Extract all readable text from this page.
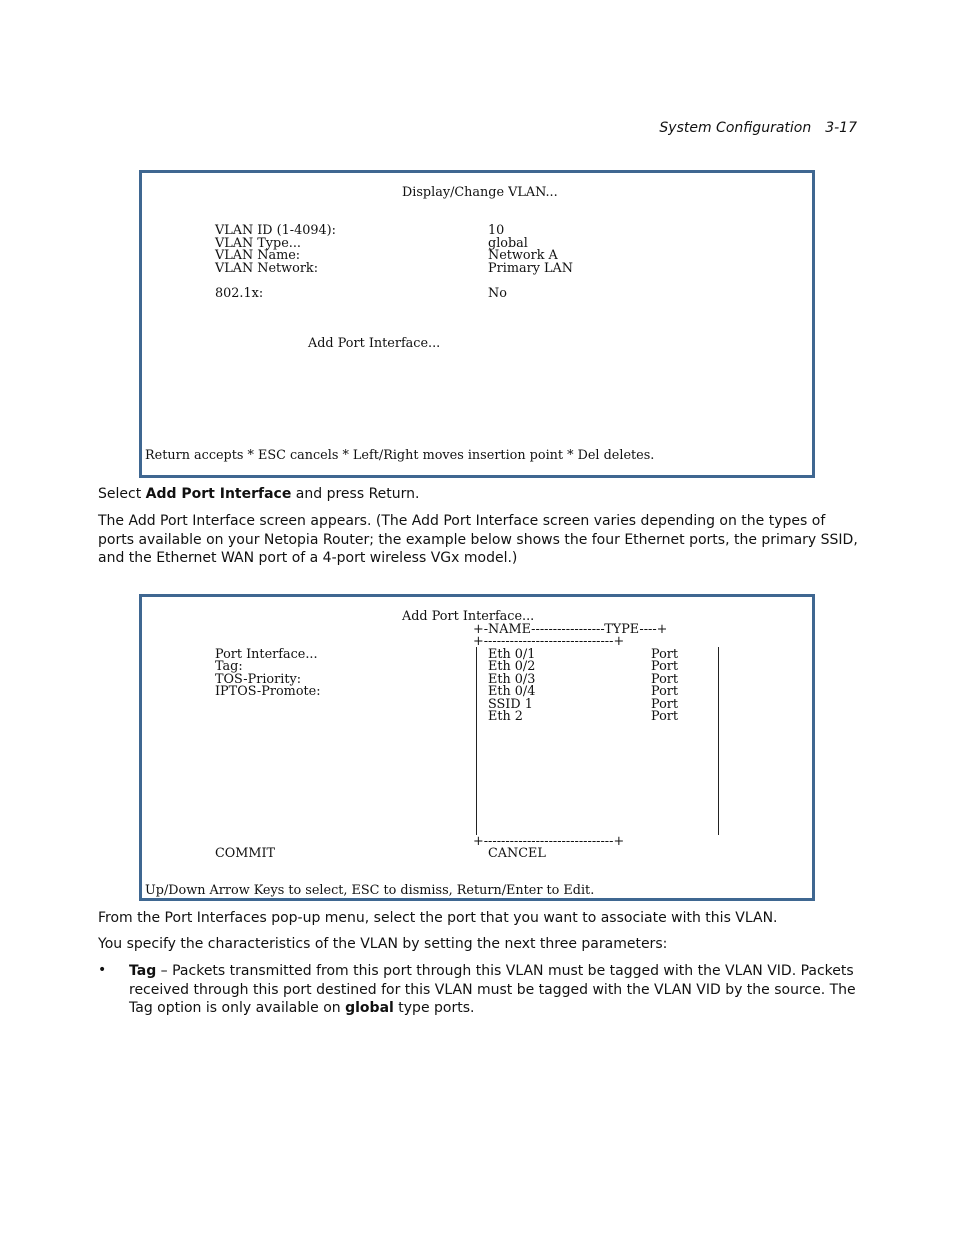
System Configuration 3-17
Display/Change VLAN...
VLAN ID (1-4094):	10
VLAN Type...	global
VLAN Name:	Network A
VLAN Network:	Primary LAN
802.1x:	No
Add Port Interface...
Return accepts * ESC cancels * Left/Right moves insertion point * Del deletes.
Select Add Port Interface and press Return.
The Add Port Interface screen appears. (The Add Port Interface screen varies depending on the types of ports available on your Netopia Router; the example below shows the four Ethernet ports, the primary SSID, and the Ethernet WAN port of a 4-port wireless VGx model.)
Add Port Interface...
+-NAME-----------------TYPE----+
+------------------------------+
Port Interface...
Tag:
TOS-Priority:
IPTOS-Promote:
Eth 0/1	Port
Eth 0/2	Port
Eth 0/3	Port
Eth 0/4	Port
SSID 1	Port
Eth 2	Port
+------------------------------+
COMMIT	CANCEL
Up/Down Arrow Keys to select, ESC to dismiss, Return/Enter to Edit.
From the Port Interfaces pop-up menu, select the port that you want to associate with this VLAN.
You specify the characteristics of the VLAN by setting the next three parameters:
• Tag – Packets transmitted from this port through this VLAN must be tagged with the VLAN VID. Packets received through this port destined for this VLAN must be tagged with the VLAN VID by the source. The Tag option is only available on global type ports.
